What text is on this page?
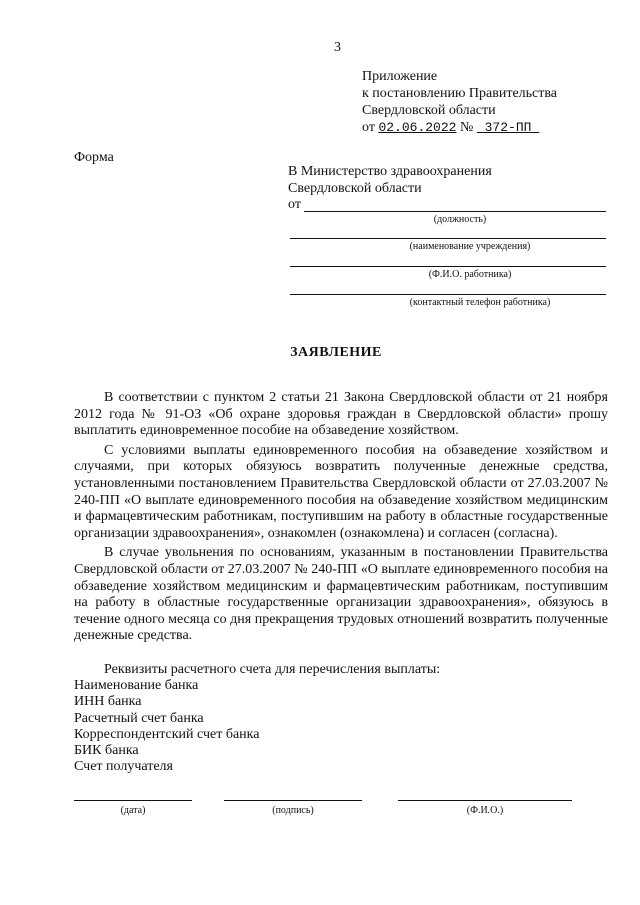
3
Приложение
к постановлению Правительства
Свердловской области
от 02.06.2022 № 372-ПП
Форма
В Министерство здравоохранения
Свердловской области
от
(должность)
(наименование учреждения)
(Ф.И.О. работника)
(контактный телефон работника)
ЗАЯВЛЕНИЕ

В соответствии с пунктом 2 статьи 21 Закона Свердловской области от 21 ноября 2012 года № 91-ОЗ «Об охране здоровья граждан в Свердловской области» прошу выплатить единовременное пособие на обзаведение хозяйством.

С условиями выплаты единовременного пособия на обзаведение хозяйством и случаями, при которых обязуюсь возвратить полученные денежные средства, установленными постановлением Правительства Свердловской области от 27.03.2007 № 240-ПП «О выплате единовременного пособия на обзаведение хозяйством медицинским и фармацевтическим работникам, поступившим на работу в областные государственные организации здравоохранения», ознакомлен (ознакомлена) и согласен (согласна).

В случае увольнения по основаниям, указанным в постановлении Правительства Свердловской области от 27.03.2007 № 240-ПП «О выплате единовременного пособия на обзаведение хозяйством медицинским и фармацевтическим работникам, поступившим на работу в областные государственные организации здравоохранения», обязуюсь в течение одного месяца со дня прекращения трудовых отношений возвратить полученные денежные средства.

Реквизиты расчетного счета для перечисления выплаты:
Наименование банка
ИНН банка
Расчетный счет банка
Корреспондентский счет банка
БИК банка
Счет получателя
(дата)	(подпись)	(Ф.И.О.)
